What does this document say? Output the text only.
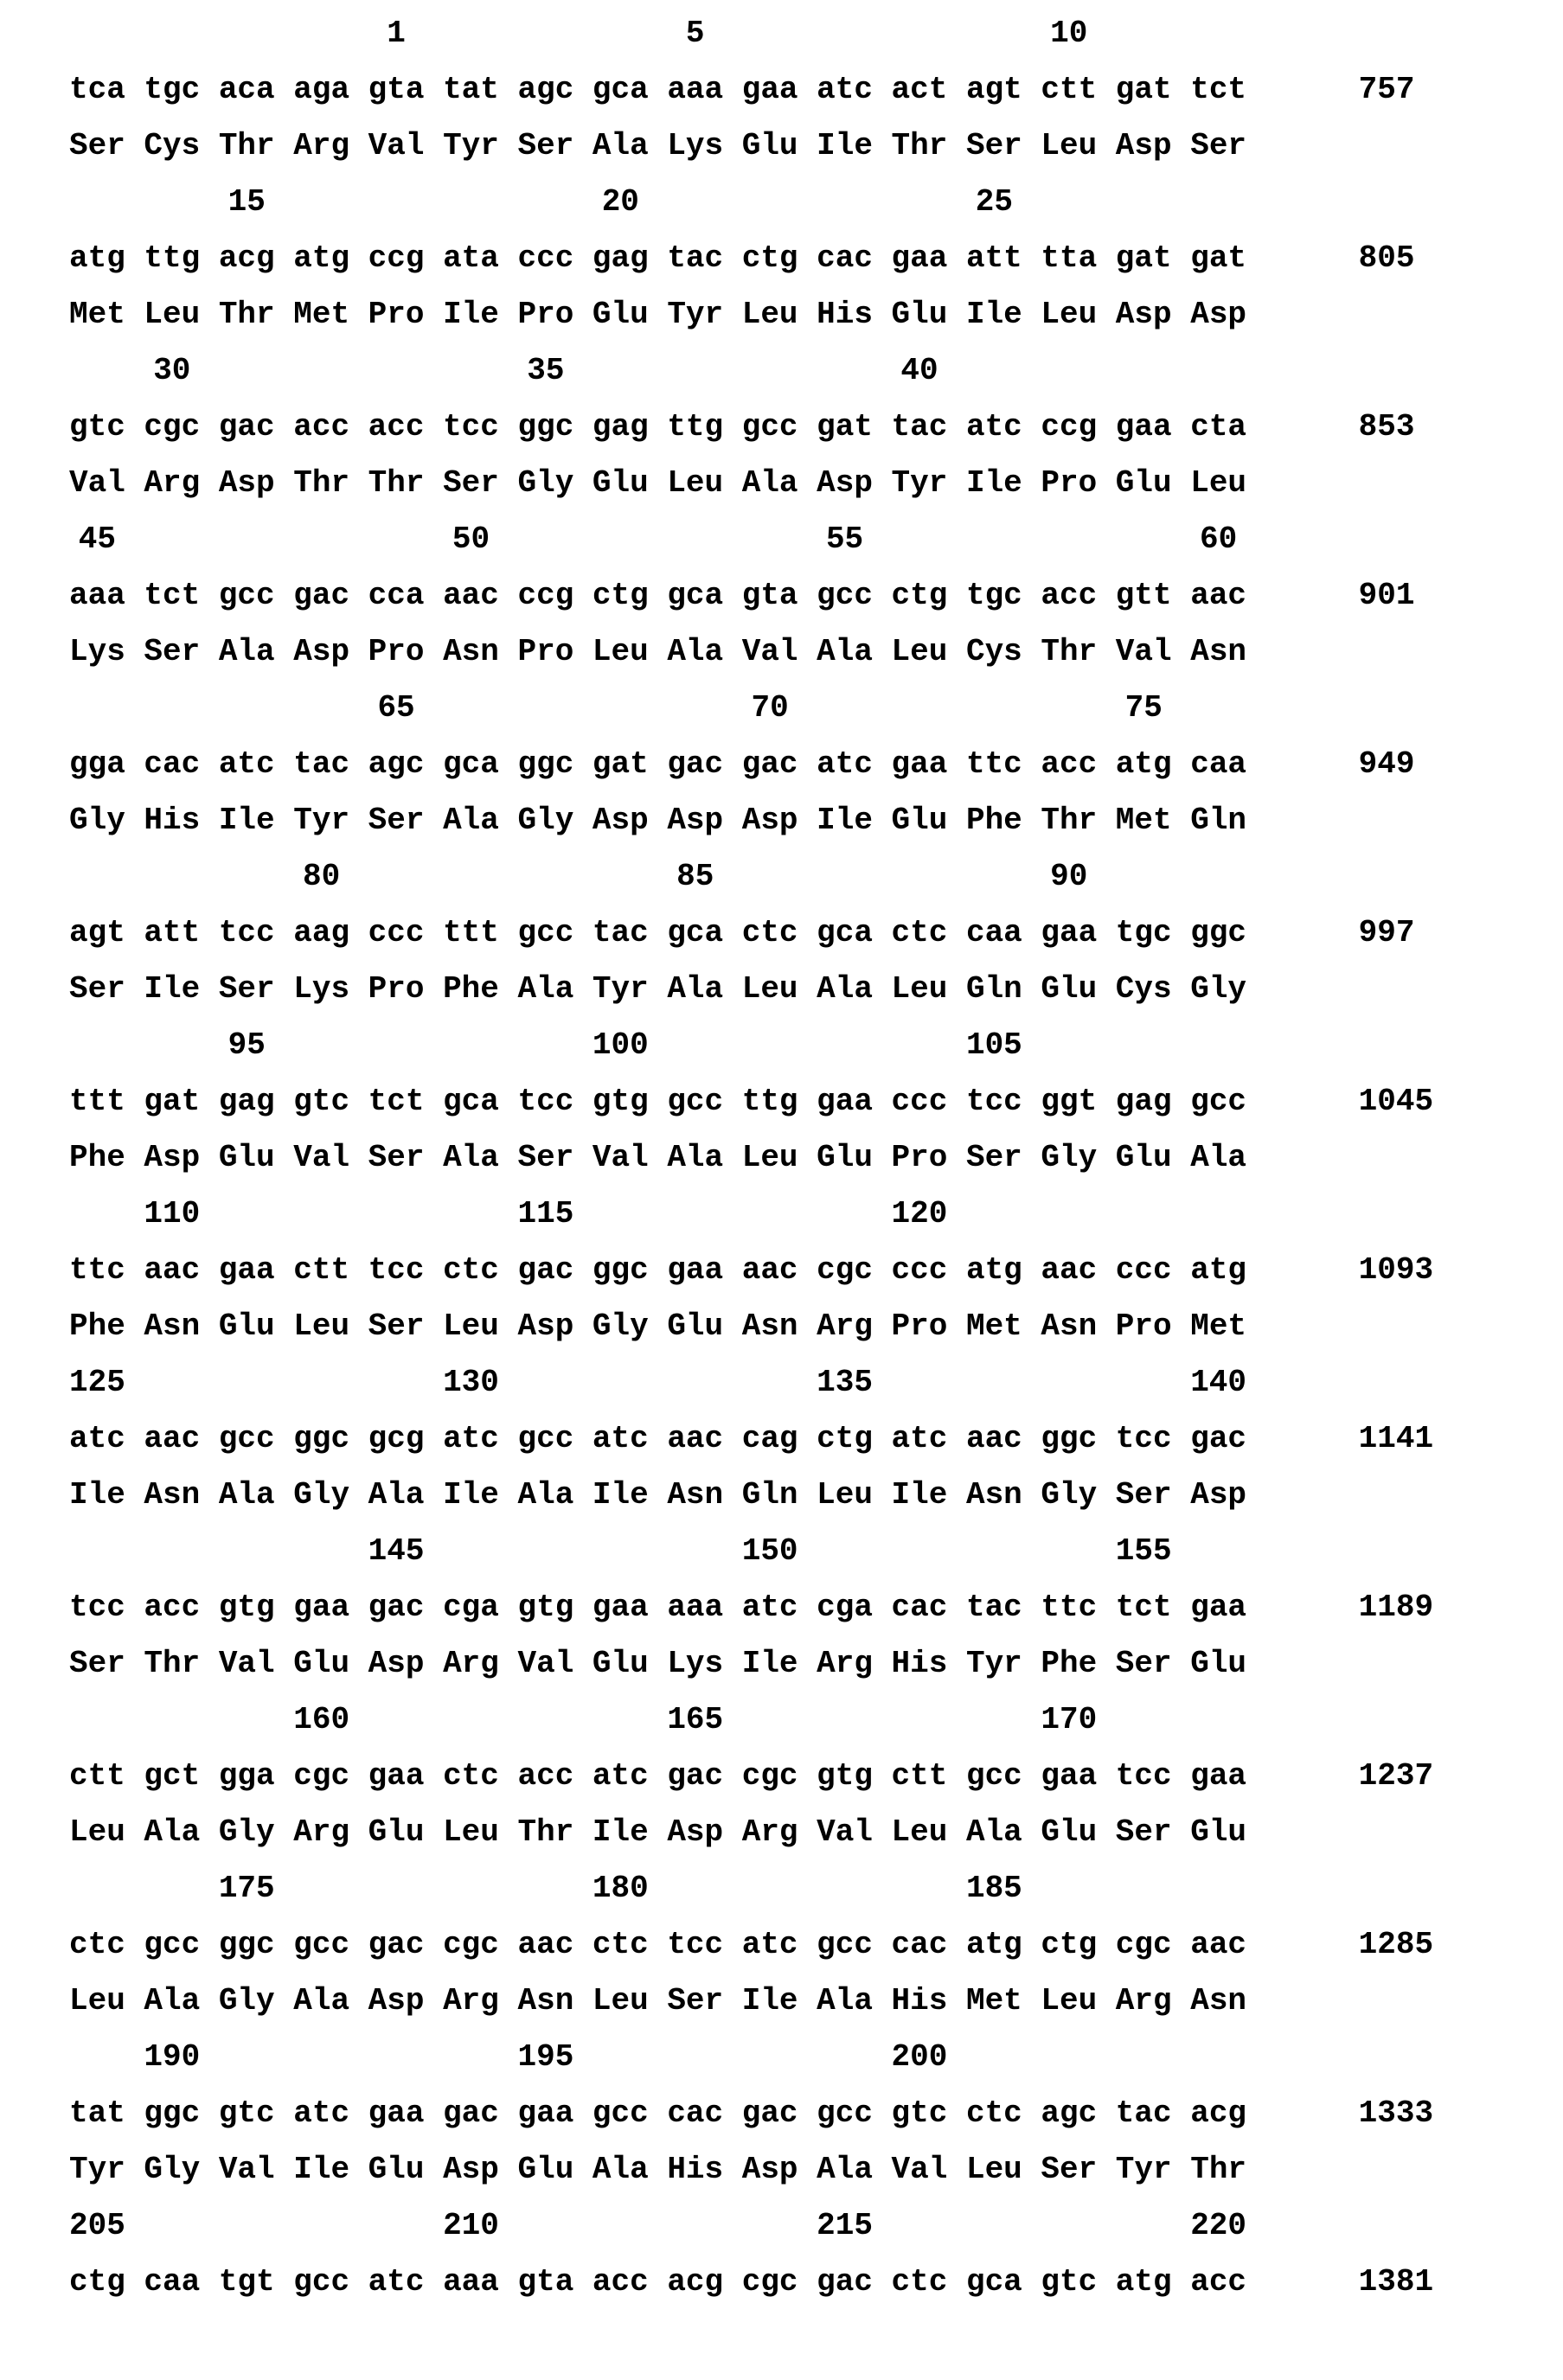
1	5	10
tca tgc aca aga gta tat agc gca aaa gaa atc act agt ctt gat tct	757
Ser Cys Thr Arg Val Tyr Ser Ala Lys Glu Ile Thr Ser Leu Asp Ser
15	20	25
atg ttg acg atg ccg ata ccc gag tac ctg cac gaa att tta gat gat	805
Met Leu Thr Met Pro Ile Pro Glu Tyr Leu His Glu Ile Leu Asp Asp
30	35	40
gtc cgc gac acc acc tcc ggc gag ttg gcc gat tac atc ccg gaa cta	853
Val Arg Asp Thr Thr Ser Gly Glu Leu Ala Asp Tyr Ile Pro Glu Leu
45	50	55	60
aaa tct gcc gac cca aac ccg ctg gca gta gcc ctg tgc acc gtt aac	901
Lys Ser Ala Asp Pro Asn Pro Leu Ala Val Ala Leu Cys Thr Val Asn
65	70	75
gga cac atc tac agc gca ggc gat gac gac atc gaa ttc acc atg caa	949
Gly His Ile Tyr Ser Ala Gly Asp Asp Asp Ile Glu Phe Thr Met Gln
80	85	90
agt att tcc aag ccc ttt gcc tac gca ctc gca ctc caa gaa tgc ggc	997
Ser Ile Ser Lys Pro Phe Ala Tyr Ala Leu Ala Leu Gln Glu Cys Gly
95	100	105
ttt gat gag gtc tct gca tcc gtg gcc ttg gaa ccc tcc ggt gag gcc	1045
Phe Asp Glu Val Ser Ala Ser Val Ala Leu Glu Pro Ser Gly Glu Ala
110	115	120
ttc aac gaa ctt tcc ctc gac ggc gaa aac cgc ccc atg aac ccc atg	1093
Phe Asn Glu Leu Ser Leu Asp Gly Glu Asn Arg Pro Met Asn Pro Met
125	130	135	140
atc aac gcc ggc gcg atc gcc atc aac cag ctg atc aac ggc tcc gac	1141
Ile Asn Ala Gly Ala Ile Ala Ile Asn Gln Leu Ile Asn Gly Ser Asp
145	150	155
tcc acc gtg gaa gac cga gtg gaa aaa atc cga cac tac ttc tct gaa	1189
Ser Thr Val Glu Asp Arg Val Glu Lys Ile Arg His Tyr Phe Ser Glu
160	165	170
ctt gct gga cgc gaa ctc acc atc gac cgc gtg ctt gcc gaa tcc gaa	1237
Leu Ala Gly Arg Glu Leu Thr Ile Asp Arg Val Leu Ala Glu Ser Glu
175	180	185
ctc gcc ggc gcc gac cgc aac ctc tcc atc gcc cac atg ctg cgc aac	1285
Leu Ala Gly Ala Asp Arg Asn Leu Ser Ile Ala His Met Leu Arg Asn
190	195	200
tat ggc gtc atc gaa gac gaa gcc cac gac gcc gtc ctc agc tac acg	1333
Tyr Gly Val Ile Glu Asp Glu Ala His Asp Ala Val Leu Ser Tyr Thr
205	210	215	220
ctg caa tgt gcc atc aaa gta acc acg cgc gac ctc gca gtc atg acc	1381
